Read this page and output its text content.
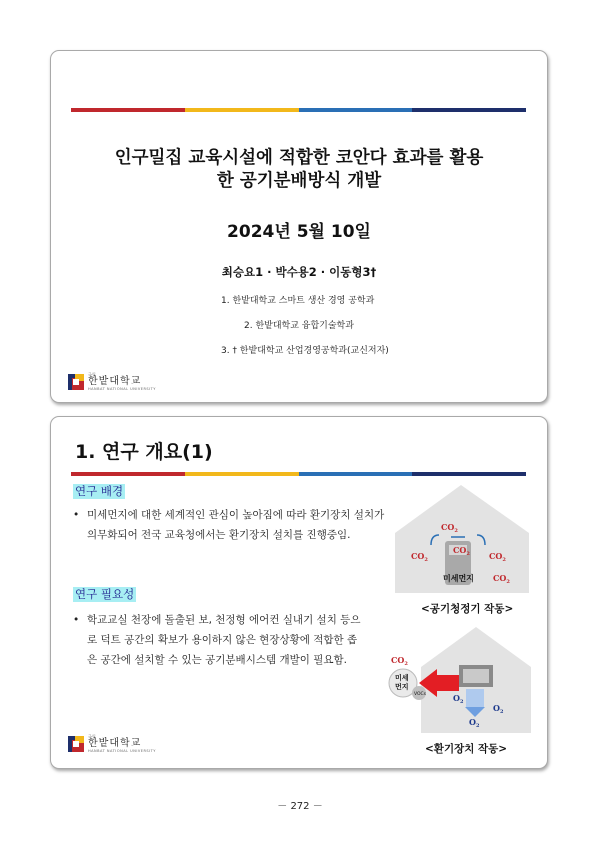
인구밀집 교육시설에 적합한 코안다 효과를 활용
한 공기분배방식 개발
2024년 5월 10일
최승요1 · 박수용2 · 이동형3†
1. 한밭대학교 스마트 생산 경영 공학과
2. 한밭대학교 융합기술학과
3. † 한밭대학교 산업경영공학과(교신저자)
국립
한밭대학교
HANBAT NATIONAL UNIVERSITY
1. 연구 개요(1)
연구 배경
• 미세먼지에 대한 세계적인 관심이 높아짐에 따라 환기장치 설치가
의무화되어 전국 교육청에서는 환기장치 설치를 진행중임.
연구 필요성
• 학교교실 천장에 돌출된 보, 천정형 에어컨 실내기 설치 등으
로 덕트 공간의 확보가 용이하지 않은 현장상황에 적합한 좁
은 공간에 설치할 수 있는 공기분배시스템 개발이 필요함.
$CO_2$
$CO_2$
$CO_2$ $CO_2$
$CO_2$
미세먼지
<공기청정기 작동>
$CO_2$
미세
먼지
VOCs	$O_2$
$O_2$
$O_2$
<환기장치 작동>
국립
한밭대학교
HANBAT NATIONAL UNIVERSITY
－ 272 －
